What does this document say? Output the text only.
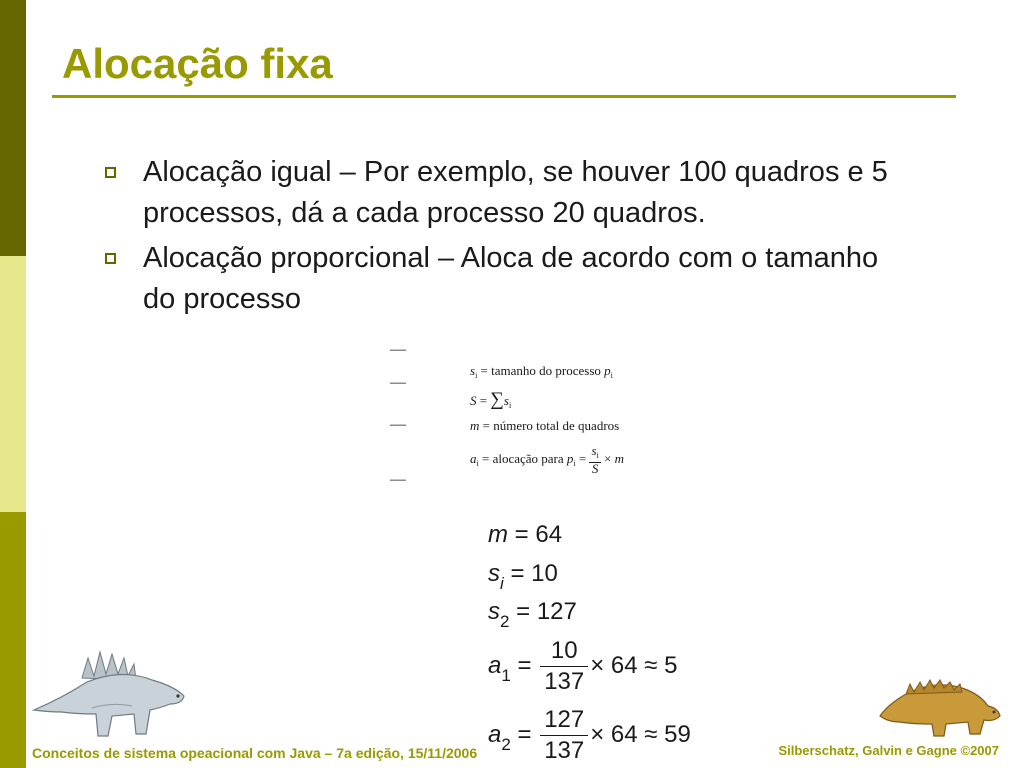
Alocação fixa
Alocação igual – Por exemplo, se houver 100 quadros e 5 processos, dá a cada processo 20 quadros.
Alocação proporcional – Aloca de acordo com o tamanho do processo
—
—
—
—
$s_i$ = tamanho do processo $p_i$
$S = \sum s_i$
m = número total de quadros
$a_i$ = alocação para $p_i = \frac{s_i}{S} \times m$
m = 64
$s_i = 10$
$s_2 = 127$
$a_1 = \frac{10}{137} \times 64 \approx 5$
$a_2 = \frac{127}{137} \times 64 \approx 59$
Conceitos de sistema opeacional com Java – 7a edição, 15/11/2006	Silberschatz, Galvin e Gagne ©2007
